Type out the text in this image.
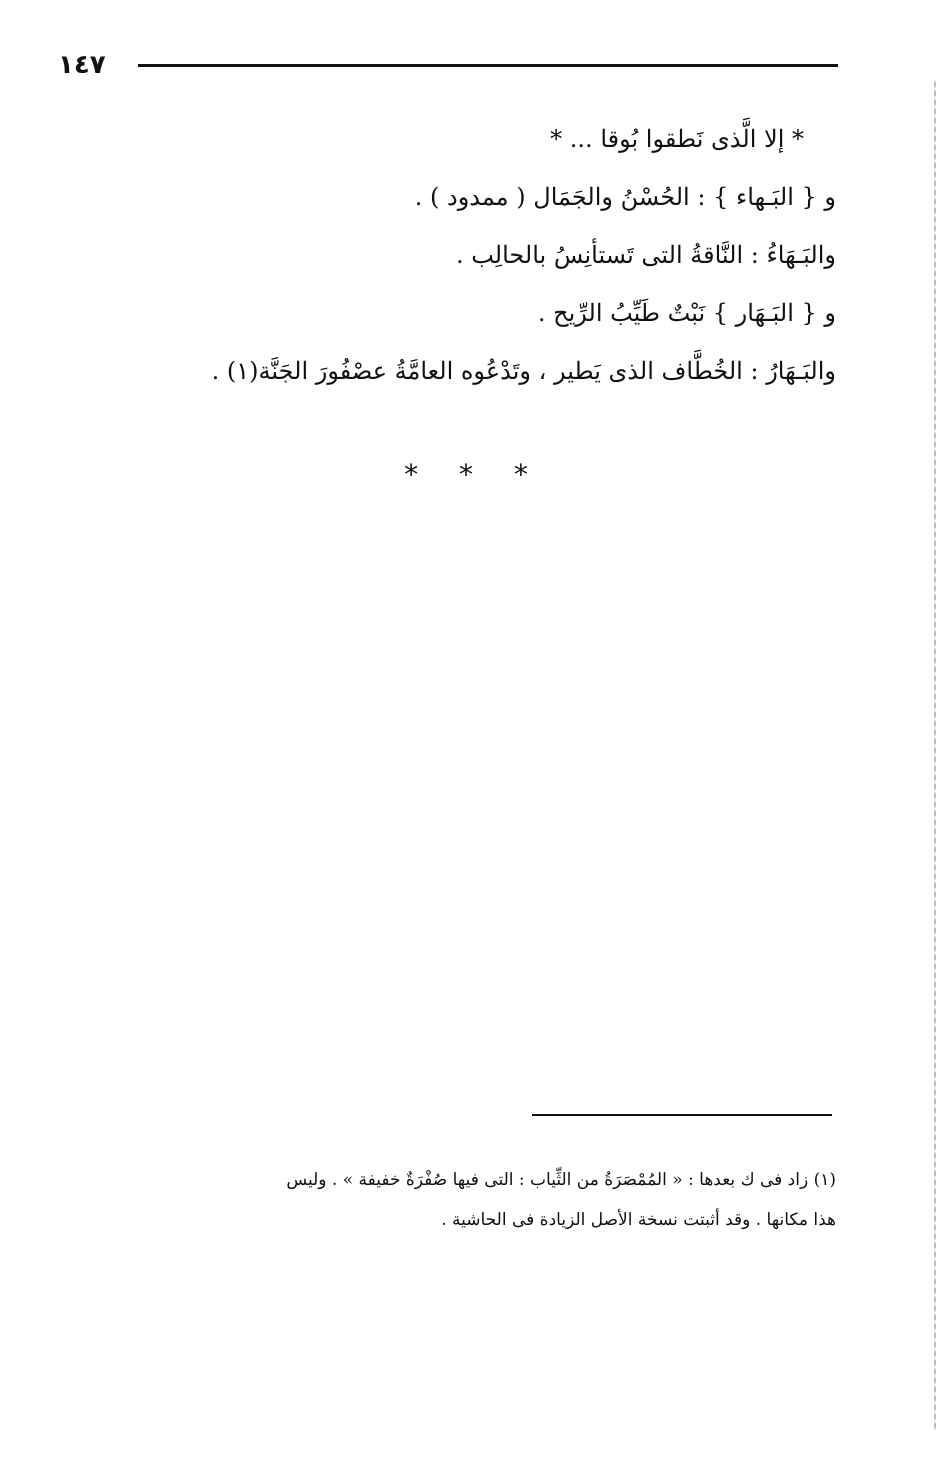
١٤٧
* إلا الَّذى نَطقوا بُوقا ... *
و { البَـهاء } : الحُسْنُ والجَمَال ( ممدود ) .
والبَـهَاءُ : النَّاقةُ التى تَستأنِسُ بالحالِب .
و { البَـهَار } نَبْتٌ طَيِّبُ الرِّيح .
والبَـهَارُ : الخُطَّاف الذى يَطير ، وتَدْعُوه العامَّةُ عصْفُورَ الجَنَّة(١) .
* * *
(١) زاد فى ك بعدها : « المُمْصَرَةُ من الثِّياب : التى فيها صُفْرَةٌ خفيفة » . وليس
هذا مكانها . وقد أثبتت نسخة الأصل الزيادة فى الحاشية .
